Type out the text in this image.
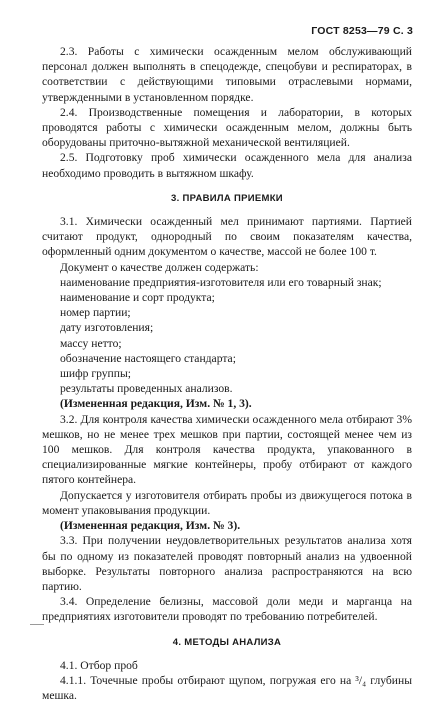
ГОСТ 8253—79 С. 3

2.3. Работы с химически осажденным мелом обслуживающий персонал должен выполнять в спецодежде, спецобуви и респираторах, в соответствии с действующими типовыми отраслевыми нормами, утвержденными в установленном порядке.

2.4. Производственные помещения и лаборатории, в которых проводятся работы с химически осажденным мелом, должны быть оборудованы приточно-вытяжной механической вентиляцией.

2.5. Подготовку проб химически осажденного мела для анализа необходимо проводить в вытяжном шкафу.

3. ПРАВИЛА ПРИЕМКИ

3.1. Химически осажденный мел принимают партиями. Партией считают продукт, однородный по своим показателям качества, оформленный одним документом о качестве, массой не более 100 т.

Документ о качестве должен содержать:

наименование предприятия-изготовителя или его товарный знак;

наименование и сорт продукта;

номер партии;

дату изготовления;

массу нетто;

обозначение настоящего стандарта;

шифр группы;

результаты проведенных анализов.

(Измененная редакция, Изм. № 1, 3).

3.2. Для контроля качества химически осажденного мела отбирают 3% мешков, но не менее трех мешков при партии, состоящей менее чем из 100 мешков. Для контроля качества продукта, упакованного в специализированные мягкие контейнеры, пробу отбирают от каждого пятого контейнера.

Допускается у изготовителя отбирать пробы из движущегося потока в момент упаковывания продукции.

(Измененная редакция, Изм. № 3).

3.3. При получении неудовлетворительных результатов анализа хотя бы по одному из показателей проводят повторный анализ на удвоенной выборке. Результаты повторного анализа распространяются на всю партию.

3.4. Определение белизны, массовой доли меди и марганца на предприятиях изготовители проводят по требованию потребителей.

4. МЕТОДЫ АНАЛИЗА

4.1. Отбор проб

4.1.1. Точечные пробы отбирают щупом, погружая его на ³/₄ глубины мешка.
